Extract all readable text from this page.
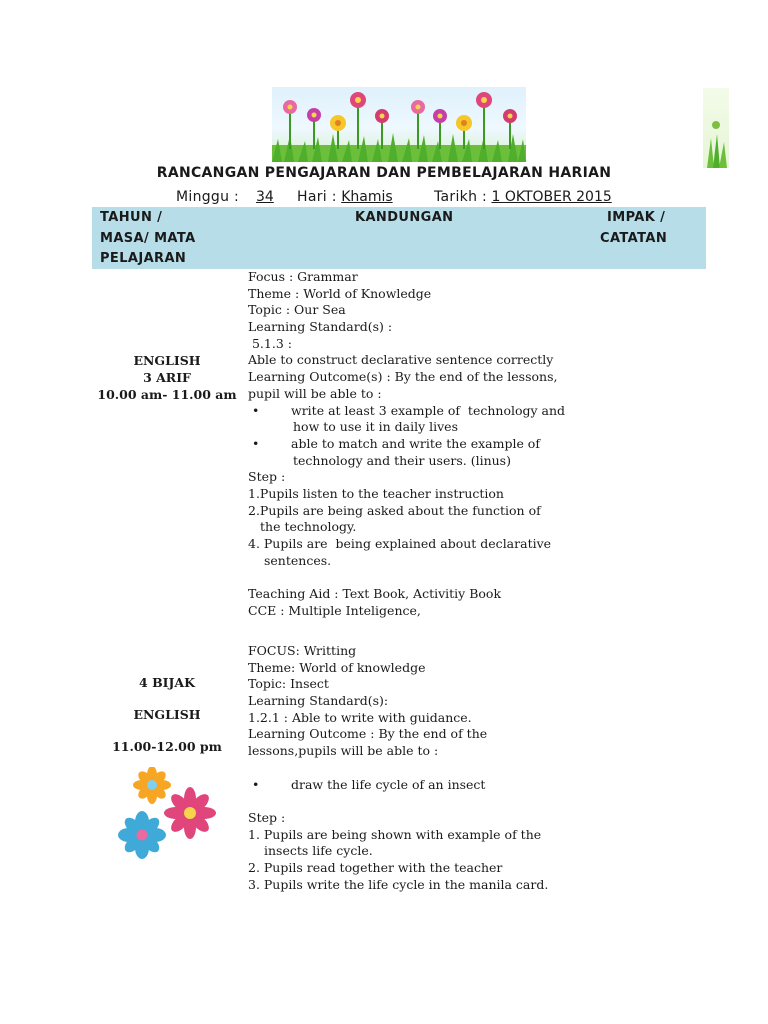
RANCANGAN PENGAJARAN DAN PEMBELAJARAN HARIAN
Minggu : 34 Hari : Khamis	Tarikh : 1 OKTOBER 2015
TAHUN /
MASA/ MATA
PELAJARAN
KANDUNGAN	IMPAK /
CATATAN
ENGLISH
3 ARIF
10.00 am- 11.00 am
Focus : Grammar
Theme : World of Knowledge
Topic : Our Sea
Learning Standard(s) :
5.1.3 :
Able to construct declarative sentence correctly
Learning Outcome(s) : By the end of the lessons,
pupil will be able to :
• write at least 3 example of  technology and
how to use it in daily lives
• able to match and write the example of
technology and their users. (linus)
Step :
1.Pupils listen to the teacher instruction
2.Pupils are being asked about the function of
the technology.
4. Pupils are  being explained about declarative
sentences.
Teaching Aid : Text Book, Activitiy Book
CCE : Multiple Inteligence,
4 BIJAK
ENGLISH
11.00-12.00 pm
FOCUS: Writting
Theme: World of knowledge
Topic: Insect
Learning Standard(s):
1.2.1 : Able to write with guidance.
Learning Outcome : By the end of the
lessons,pupils will be able to :
• draw the life cycle of an insect
Step :
1. Pupils are being shown with example of the
insects life cycle.
2. Pupils read together with the teacher
3. Pupils write the life cycle in the manila card.
